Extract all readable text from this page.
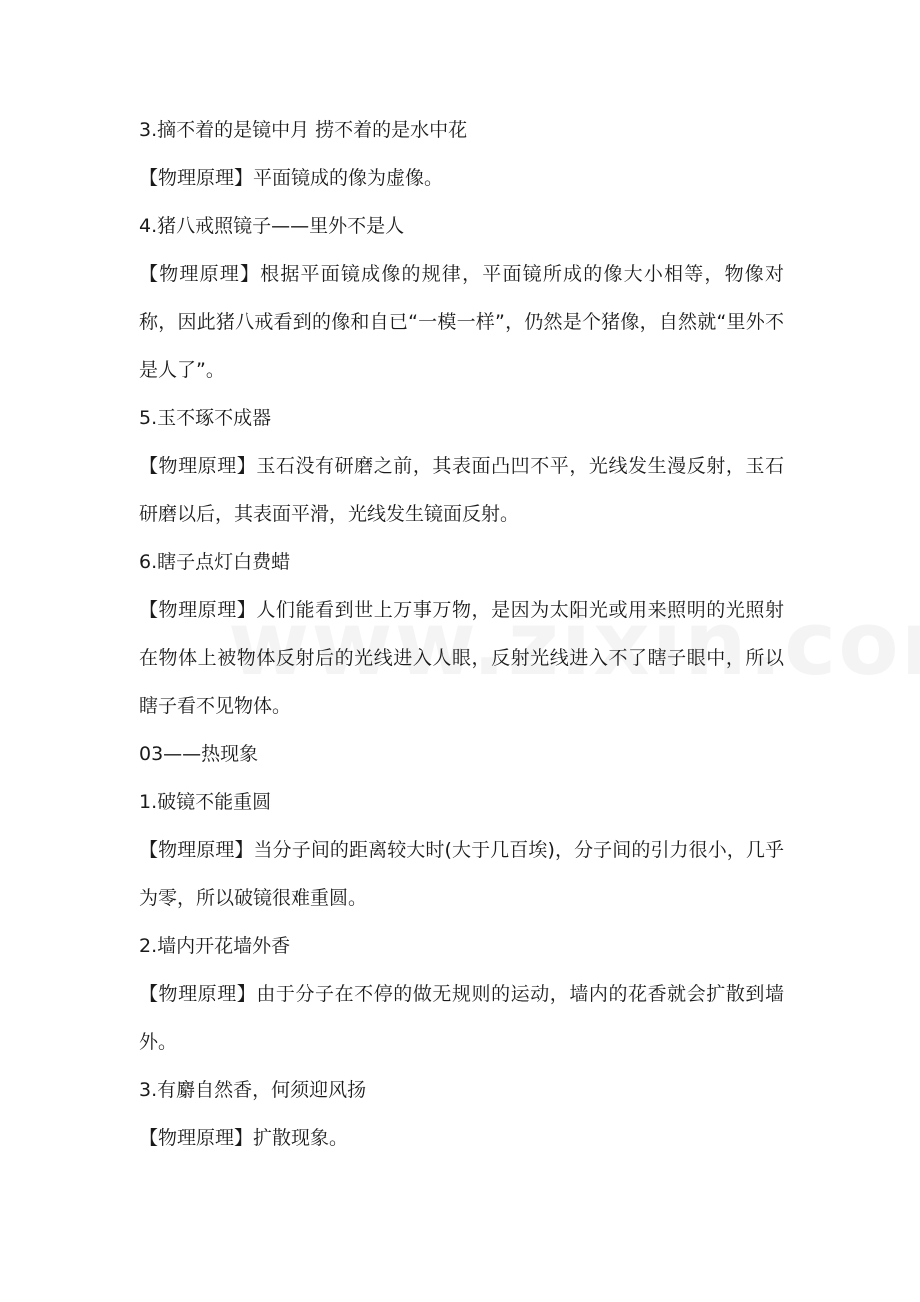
3.摘不着的是镜中月 捞不着的是水中花
【物理原理】平面镜成的像为虚像。
4.猪八戒照镜子——里外不是人
【物理原理】根据平面镜成像的规律，平面镜所成的像大小相等，物像对称，因此猪八戒看到的像和自已“一模一样”，仍然是个猪像，自然就“里外不是人了”。
5.玉不琢不成器
【物理原理】玉石没有研磨之前，其表面凸凹不平，光线发生漫反射，玉石研磨以后，其表面平滑，光线发生镜面反射。
6.瞎子点灯白费蜡
【物理原理】人们能看到世上万事万物，是因为太阳光或用来照明的光照射在物体上被物体反射后的光线进入人眼，反射光线进入不了瞎子眼中，所以瞎子看不见物体。
03——热现象
1.破镜不能重圆
【物理原理】当分子间的距离较大时(大于几百埃)，分子间的引力很小，几乎为零，所以破镜很难重圆。
2.墙内开花墙外香
【物理原理】由于分子在不停的做无规则的运动，墙内的花香就会扩散到墙外。
3.有麝自然香，何须迎风扬
【物理原理】扩散现象。
